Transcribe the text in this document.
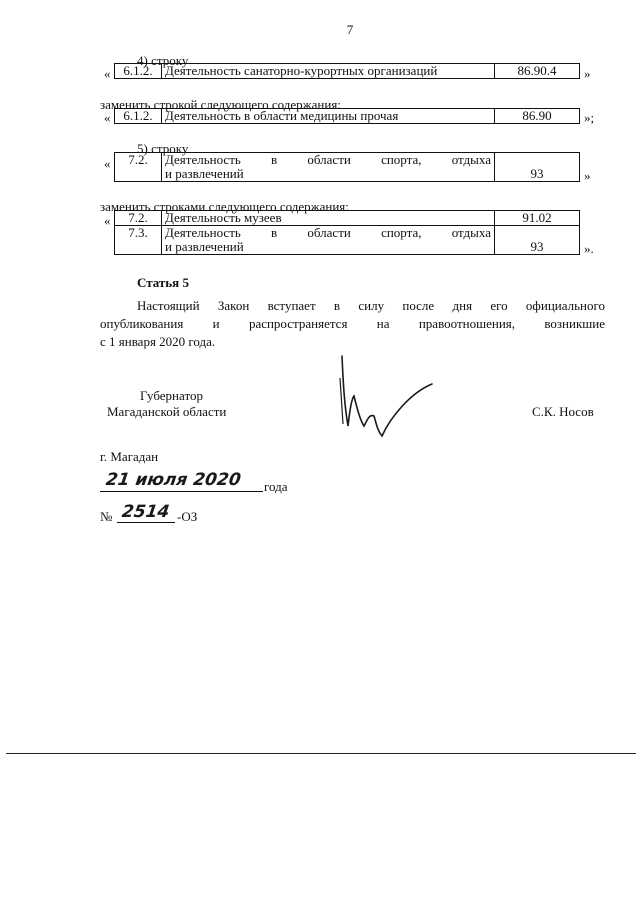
7
4) строку
« 6.1.2.	Деятельность санаторно-курортных организаций	86.90.4 »
заменить строкой следующего содержания:
« 6.1.2.	Деятельность в области медицины прочая	86.90 »;
5) строку
« 7.2.	Деятельность в области спорта, отдыха
и развлечений	93	»
заменить строками следующего содержания:
« 7.2.	Деятельность музеев	91.02
7.3.	Деятельность в области спорта, отдыха
и развлечений	93	».
Статья 5
Настоящий Закон вступает в силу после дня его официального
опубликования и распространяется на правоотношения, возникшие
с 1 января 2020 года.
Губернатор
Магаданской области	С.К. Носов
г. Магадан
21 июля 2020 года
№ 2514 -ОЗ
